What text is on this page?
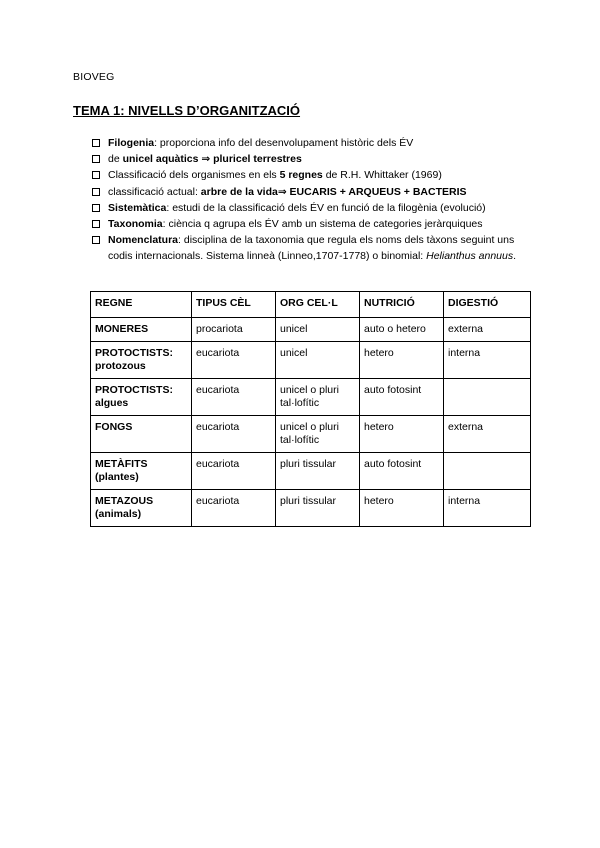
BIOVEG
TEMA 1: NIVELLS D’ORGANITZACIÓ
Filogenia: proporciona info del desenvolupament històric dels ÉV
de unicel aquàtics ⇒ pluricel terrestres
Classificació dels organismes en els 5 regnes de R.H. Whittaker (1969)
classificació actual: arbre de la vida⇒ EUCARIS + ARQUEUS + BACTERIS
Sistemàtica: estudi de la classificació dels ÉV en funció de la filogènia (evolució)
Taxonomia: ciència q agrupa els ÉV amb un sistema de categories jeràrquiques
Nomenclatura: disciplina de la taxonomia que regula els noms dels tàxons seguint uns codis internacionals. Sistema linneà (Linneo,1707-1778) o binomial: Helianthus annuus.
REGNE	TIPUS CÈL	ORG CEL·L	NUTRICIÓ	DIGESTIÓ
MONERES	procariota	unicel	auto o hetero	externa

PROTOCTISTS:
protozous	eucariota	unicel	hetero	interna

PROTOCTISTS:
algues	eucariota	unicel o pluri tal·lofític	auto fotosint	
FONGS	eucariota	unicel o pluri tal·lofític	hetero	externa

METÀFITS
(plantes)	eucariota	pluri tissular	auto fotosint	

METAZOUS
(animals)	eucariota	pluri tissular	hetero	interna
